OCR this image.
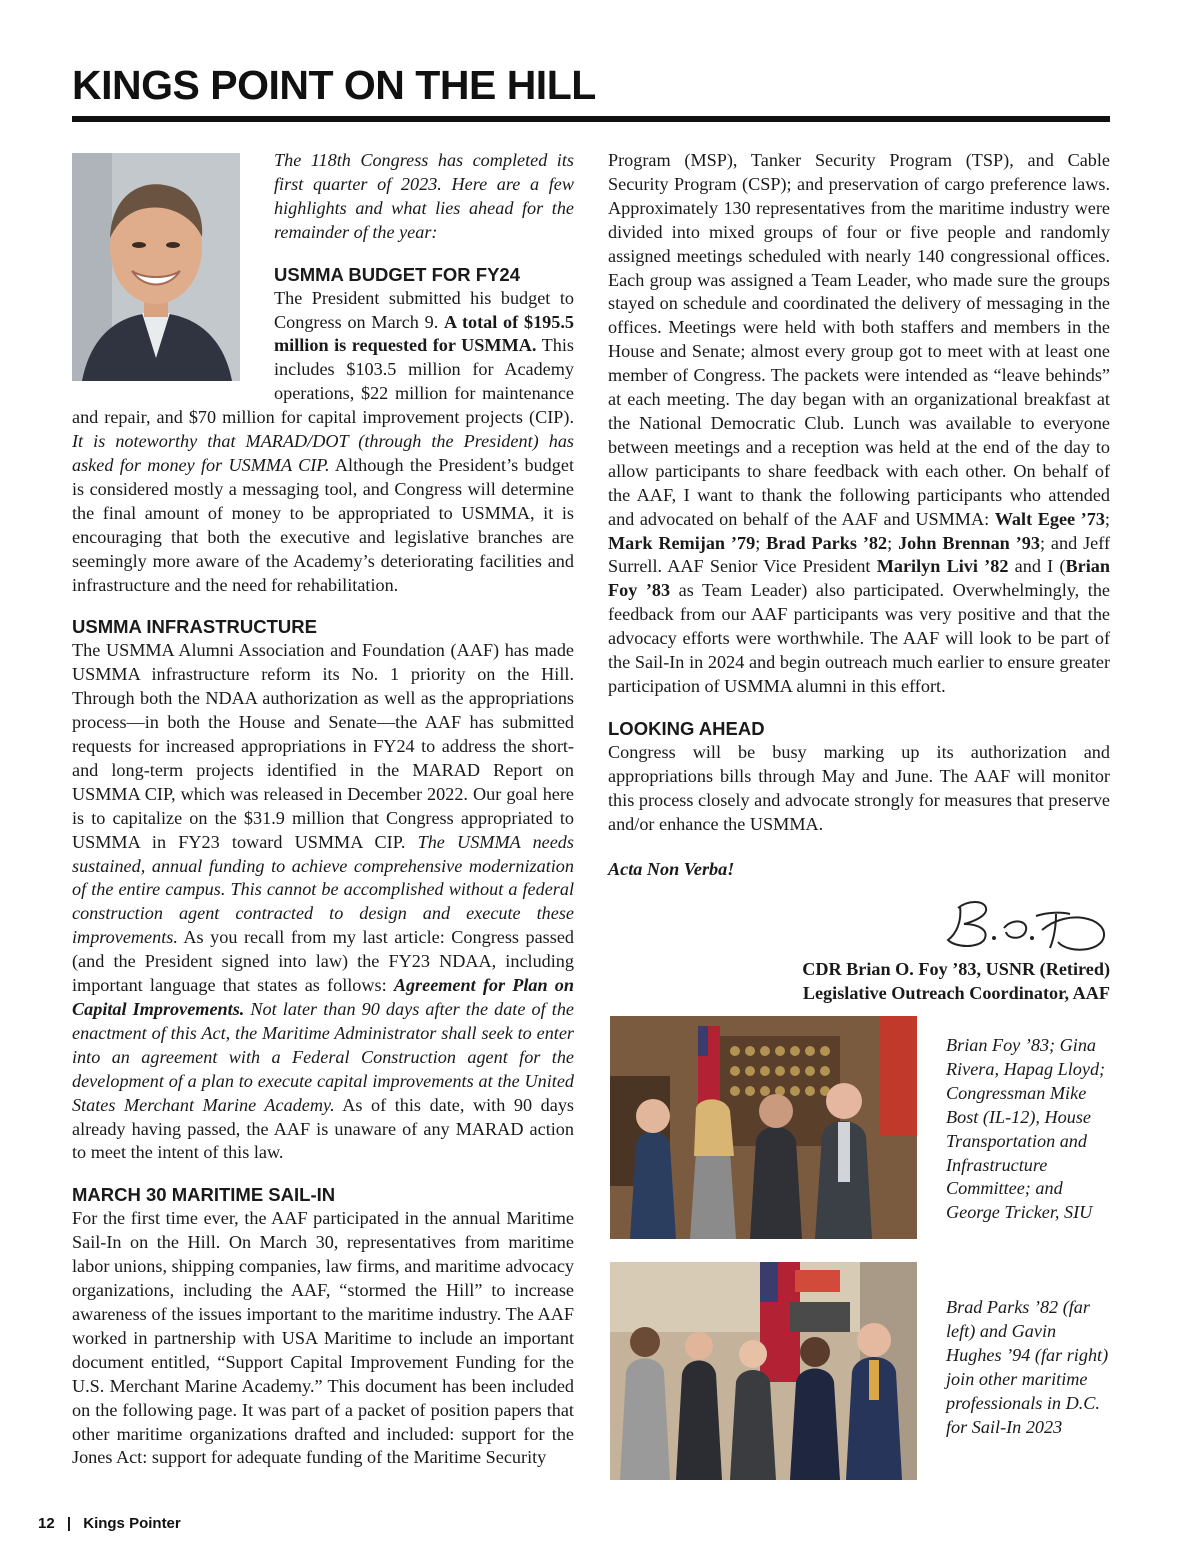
KINGS POINT ON THE HILL

The 118th Congress has completed its first quarter of 2023. Here are a few highlights and what lies ahead for the remainder of the year:

USMMA BUDGET FOR FY24

The President submitted his budget to Congress on March 9. A total of $195.5 million is requested for USMMA. This includes $103.5 million for Academy operations, $22 million for maintenance and repair, and $70 million for capital improvement projects (CIP). It is noteworthy that MARAD/DOT (through the President) has asked for money for USMMA CIP. Although the President’s budget is considered mostly a messaging tool, and Congress will determine the final amount of money to be appropriated to USMMA, it is encouraging that both the executive and legislative branches are seemingly more aware of the Academy’s deteriorating facilities and infrastructure and the need for rehabilitation.

USMMA INFRASTRUCTURE

The USMMA Alumni Association and Foundation (AAF) has made USMMA infrastructure reform its No. 1 priority on the Hill. Through both the NDAA authorization as well as the appropriations process—in both the House and Senate—the AAF has submitted requests for increased appropriations in FY24 to address the short- and long-term projects identified in the MARAD Report on USMMA CIP, which was released in December 2022. Our goal here is to capitalize on the $31.9 million that Congress appropriated to USMMA in FY23 toward USMMA CIP. The USMMA needs sustained, annual funding to achieve comprehensive modernization of the entire campus. This cannot be accomplished without a federal construction agent contracted to design and execute these improvements. As you recall from my last article: Congress passed (and the President signed into law) the FY23 NDAA, including important language that states as follows: Agreement for Plan on Capital Improvements. Not later than 90 days after the date of the enactment of this Act, the Maritime Administrator shall seek to enter into an agreement with a Federal Construction agent for the development of a plan to execute capital improvements at the United States Merchant Marine Academy. As of this date, with 90 days already having passed, the AAF is unaware of any MARAD action to meet the intent of this law.

MARCH 30 MARITIME SAIL-IN

For the first time ever, the AAF participated in the annual Maritime Sail-In on the Hill. On March 30, representatives from maritime labor unions, shipping companies, law firms, and maritime advocacy organizations, including the AAF, “stormed the Hill” to increase awareness of the issues important to the maritime industry. The AAF worked in partnership with USA Maritime to include an important document entitled, “Support Capital Improvement Funding for the U.S. Merchant Marine Academy.” This document has been included on the following page. It was part of a packet of position papers that other maritime organizations drafted and included: support for the Jones Act: support for adequate funding of the Maritime Security

Program (MSP), Tanker Security Program (TSP), and Cable Security Program (CSP); and preservation of cargo preference laws. Approximately 130 representatives from the maritime industry were divided into mixed groups of four or five people and randomly assigned meetings scheduled with nearly 140 congressional offices. Each group was assigned a Team Leader, who made sure the groups stayed on schedule and coordinated the delivery of messaging in the offices. Meetings were held with both staffers and members in the House and Senate; almost every group got to meet with at least one member of Congress. The packets were intended as “leave behinds” at each meeting. The day began with an organizational breakfast at the National Democratic Club. Lunch was available to everyone between meetings and a reception was held at the end of the day to allow participants to share feedback with each other. On behalf of the AAF, I want to thank the following participants who attended and advocated on behalf of the AAF and USMMA: Walt Egee ’73; Mark Remijan ’79; Brad Parks ’82; John Brennan ’93; and Jeff Surrell. AAF Senior Vice President Marilyn Livi ’82 and I (Brian Foy ’83 as Team Leader) also participated. Overwhelmingly, the feedback from our AAF participants was very positive and that the advocacy efforts were worthwhile. The AAF will look to be part of the Sail-In in 2024 and begin outreach much earlier to ensure greater participation of USMMA alumni in this effort.

LOOKING AHEAD

Congress will be busy marking up its authorization and appropriations bills through May and June. The AAF will monitor this process closely and advocate strongly for measures that preserve and/or enhance the USMMA.

Acta Non Verba!

CDR Brian O. Foy ’83, USNR (Retired)
Legislative Outreach Coordinator, AAF
Brian Foy ’83; Gina Rivera, Hapag Lloyd; Congressman Mike Bost (IL-12), House Transportation and Infrastructure Committee; and George Tricker, SIU
Brad Parks ’82 (far left) and Gavin Hughes ’94 (far right) join other maritime professionals in D.C. for Sail-In 2023
12 | Kings Pointer
